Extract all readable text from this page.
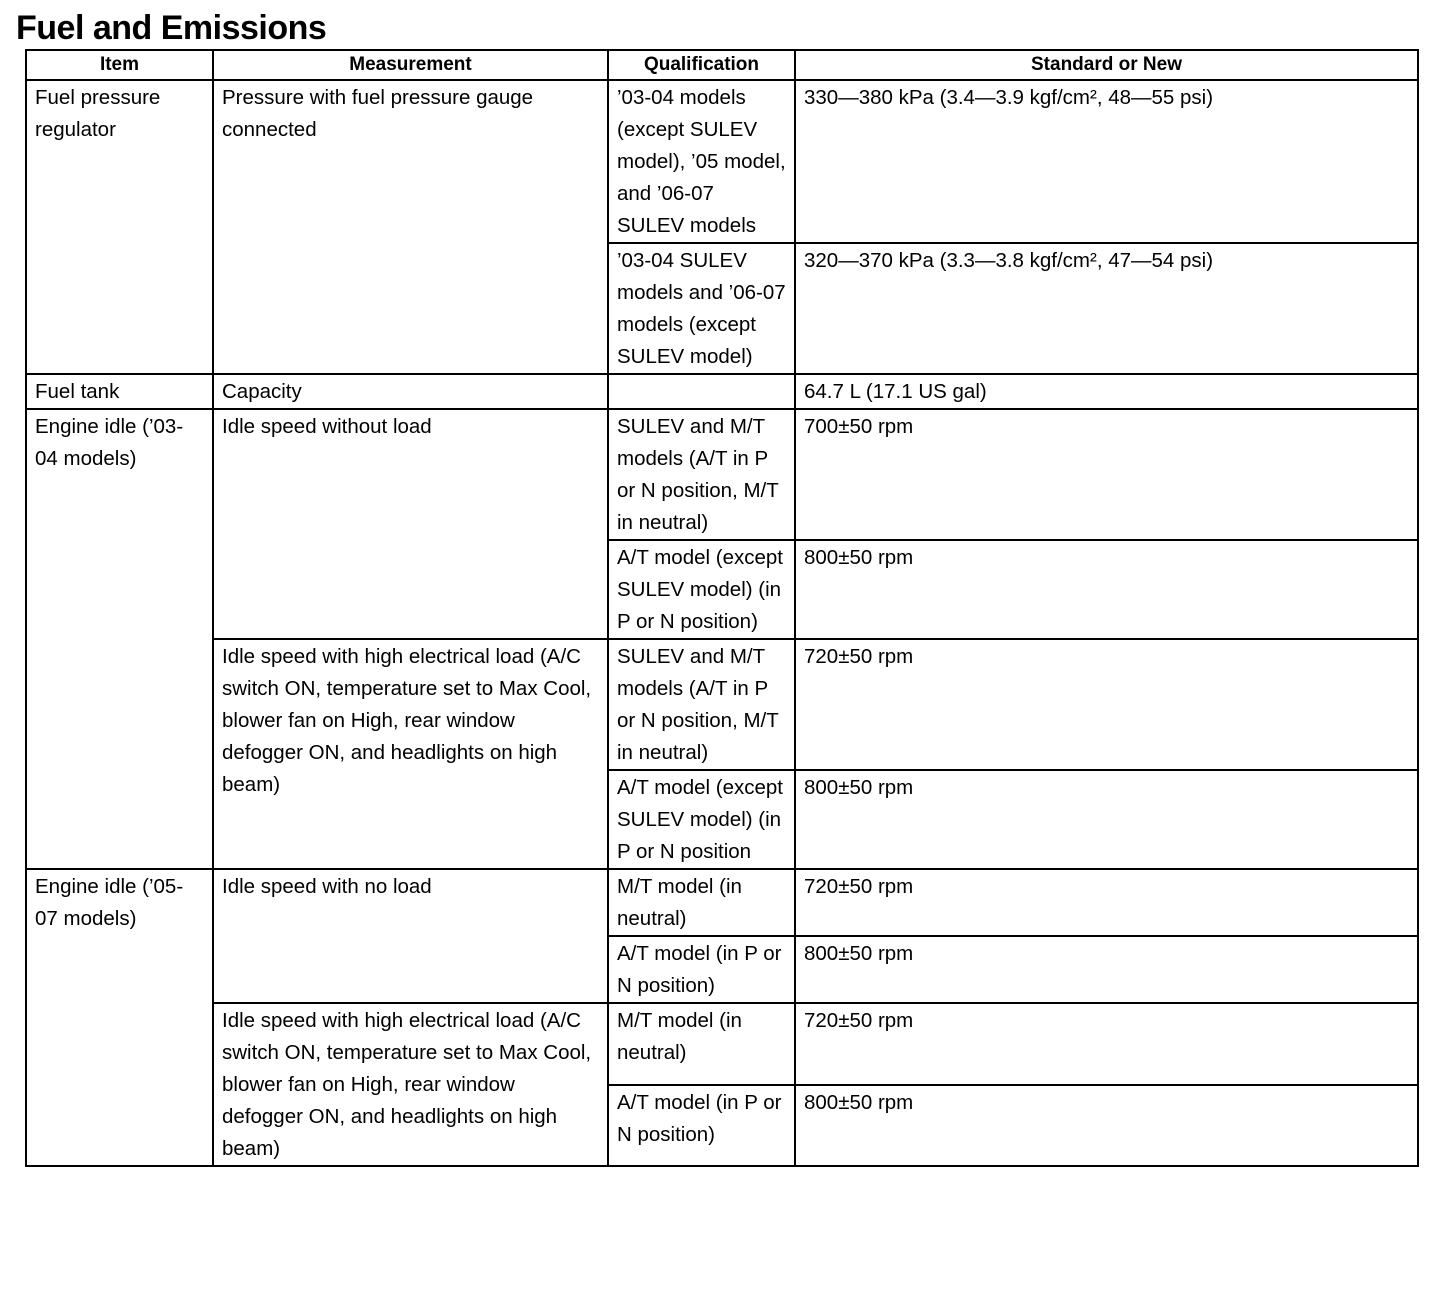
Fuel and Emissions
Item	Measurement	Qualification	Standard or New
Fuel pressure regulator	Pressure with fuel pressure gauge connected	’03-04 models (except SULEV model), ’05 model, and ’06-07 SULEV models	330—380 kPa (3.4—3.9 kgf/cm², 48—55 psi)
		’03-04 SULEV models and ’06-07 models (except SULEV model)	320—370 kPa (3.3—3.8 kgf/cm², 47—54 psi)
Fuel tank	Capacity		64.7 L (17.1 US gal)
Engine idle (’03-04 models)	Idle speed without load	SULEV and M/T models (A/T in P or N position, M/T in neutral)	700±50 rpm
		A/T model (except SULEV model) (in P or N position)	800±50 rpm
	Idle speed with high electrical load (A/C switch ON, temperature set to Max Cool, blower fan on High, rear window defogger ON, and headlights on high beam)	SULEV and M/T models (A/T in P or N position, M/T in neutral)	720±50 rpm
		A/T model (except SULEV model) (in P or N position	800±50 rpm
Engine idle (’05-07 models)	Idle speed with no load	M/T model (in neutral)	720±50 rpm
		A/T model (in P or N position)	800±50 rpm
	Idle speed with high electrical load (A/C switch ON, temperature set to Max Cool, blower fan on High, rear window defogger ON, and headlights on high beam)	M/T model (in neutral)	720±50 rpm
		A/T model (in P or N position)	800±50 rpm
